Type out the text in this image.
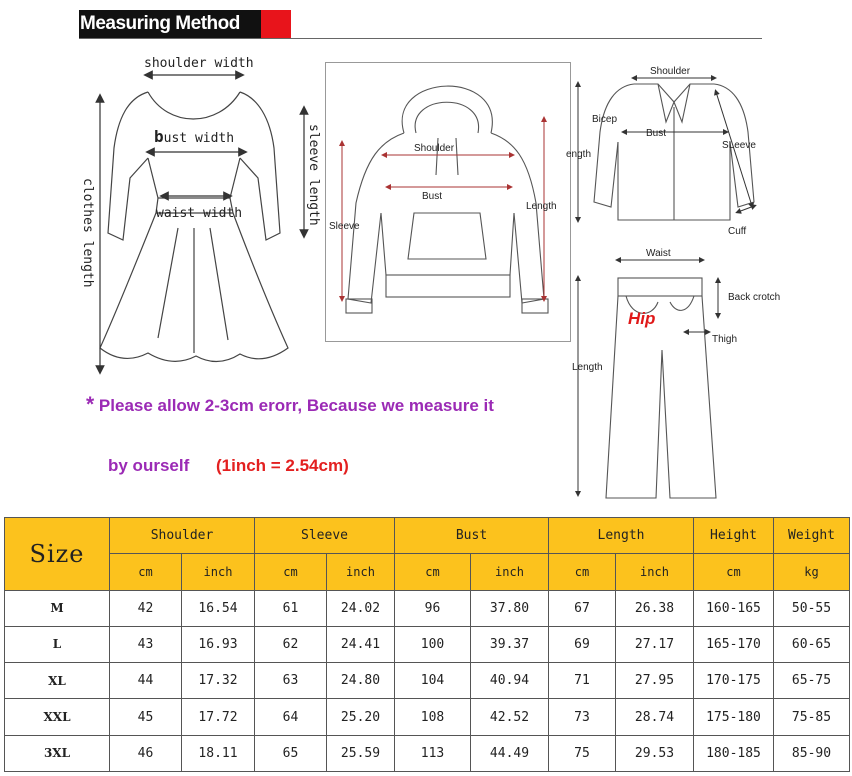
Measuring Method
shoulder width
bust width
waist width	sleeve length
clothes length
Shoulder
Bust
Length
Sleeve
Shoulder
Bicep
Bust
ength
SLeeve
Cuff
Waist
Back crotch
Hip
Thigh
Length
* Please allow 2-3cm erorr, Because we measure it
by ourself (1inch = 2.54cm)
Size	Shoulder		Sleeve		Bust		Length		Height	Weight
	cm	inch	cm	inch	cm	inch	cm	inch	cm	kg
M	42	16.54	61	24.02	96	37.80	67	26.38	160-165	50-55
L	43	16.93	62	24.41	100	39.37	69	27.17	165-170	60-65
XL	44	17.32	63	24.80	104	40.94	71	27.95	170-175	65-75
XXL	45	17.72	64	25.20	108	42.52	73	28.74	175-180	75-85
3XL	46	18.11	65	25.59	113	44.49	75	29.53	180-185	85-90
